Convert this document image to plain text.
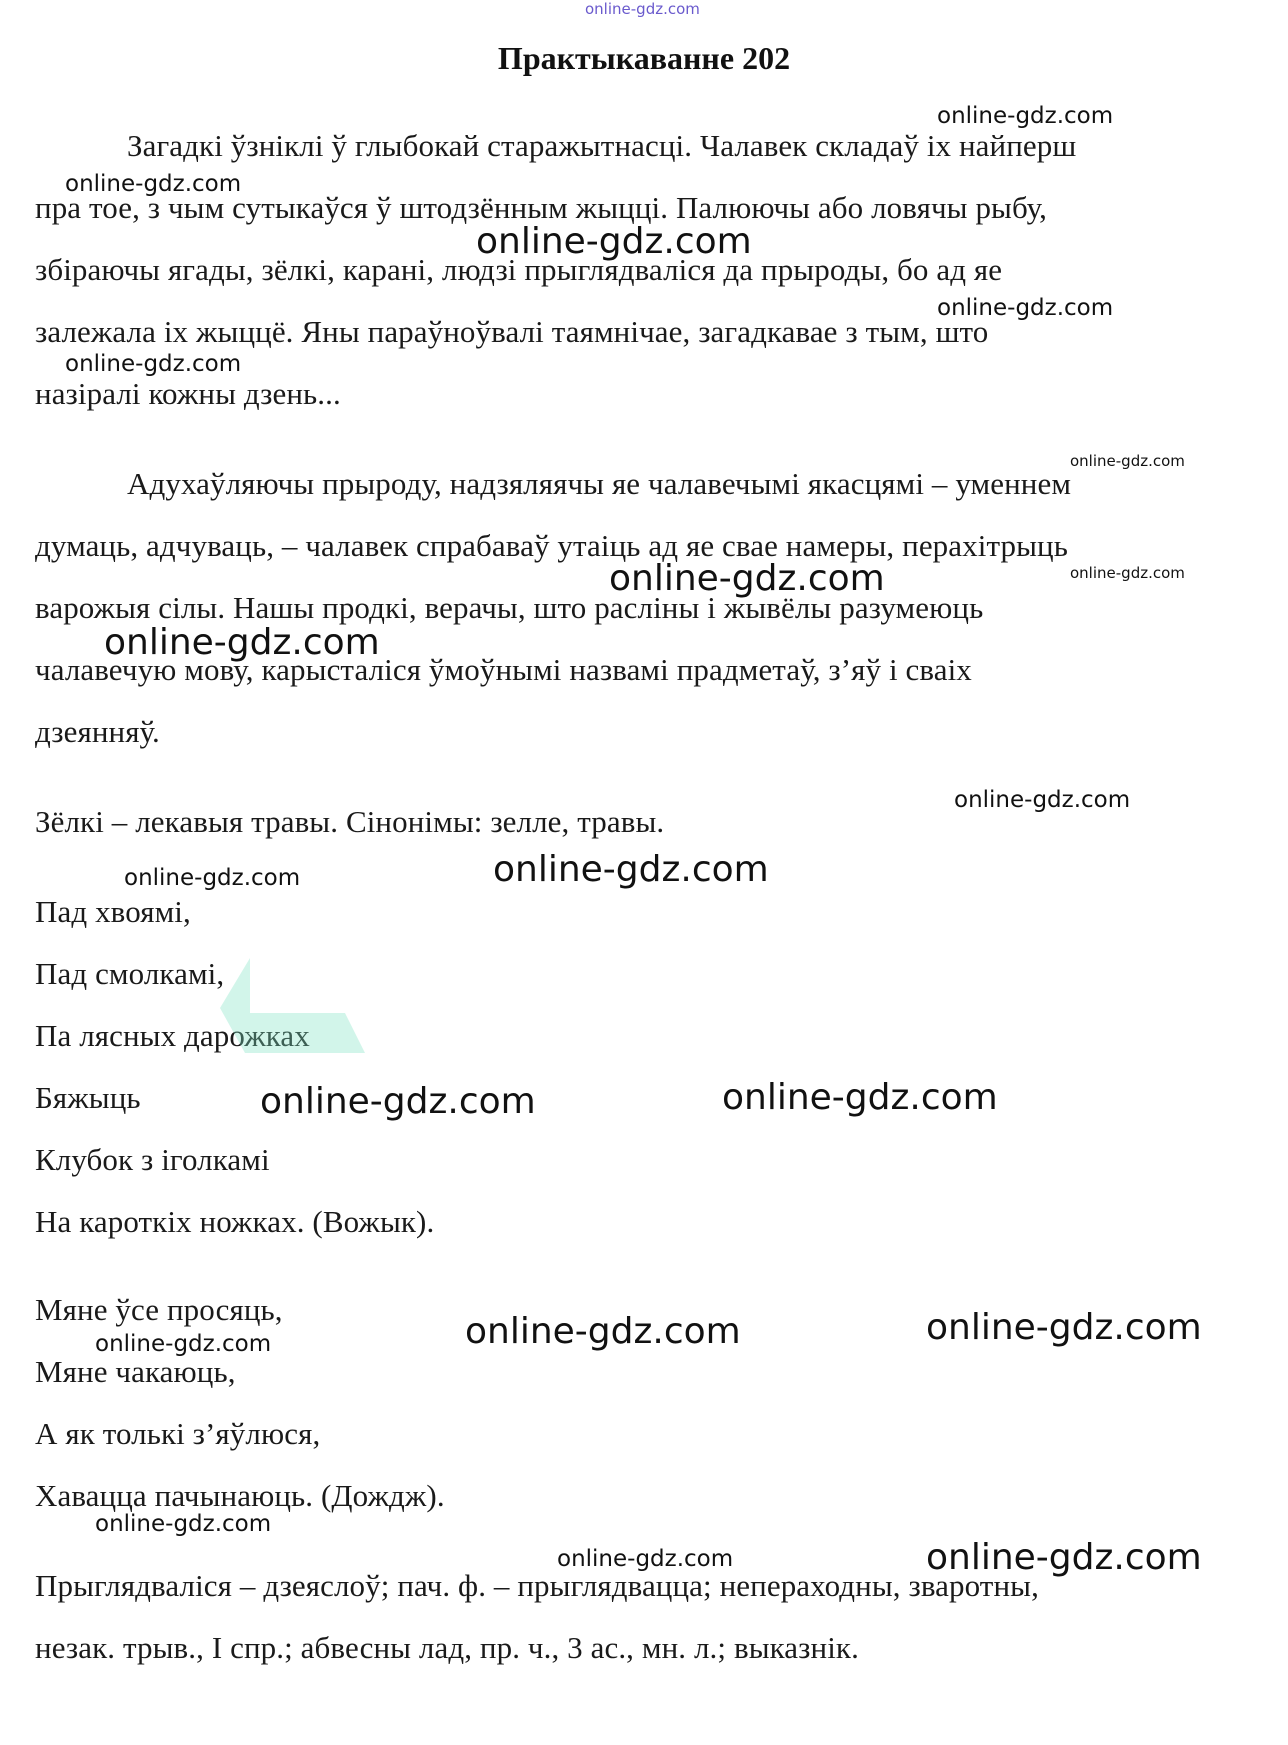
online-gdz.com
Практыкаванне 202
Загадкі ўзніклі ў глыбокай старажытнасці. Чалавек складаў іх найперш
пра тое, з чым сутыкаўся ў штодзённым жыцці. Палюючы або ловячы рыбу,
збіраючы ягады, зёлкі, карані, людзі прыглядваліся да прыроды, бо ад яе
залежала іх жыццё. Яны параўноўвалі таямнічае, загадкавае з тым, што
назіралі кожны дзень...
Адухаўляючы прыроду, надзяляячы яе чалавечымі якасцямі – уменнем
думаць, адчуваць, – чалавек спрабаваў утаіць ад яе свае намеры, перахітрыць
варожыя сілы. Нашы продкі, верачы, што расліны і жывёлы разумеюць
чалавечую мову, карысталіся ўмоўнымі назвамі прадметаў, з’яў і сваіх
дзеянняў.
Зёлкі – лекавыя травы. Сінонімы: зелле, травы.
Пад хвоямі,
Пад смолкамі,
Па лясных дарожках
Бяжыць
Клубок з іголкамі
На кароткіх ножках. (Вожык).
Мяне ўсе просяць,
Мяне чакаюць,
А як толькі з’яўлюся,
Хавацца пачынаюць. (Дождж).
Прыглядваліся – дзеяслоў; пач. ф. – прыглядвацца; непераходны, зваротны,
незак. трыв., I спр.; абвесны лад, пр. ч., 3 ас., мн. л.; выказнік.
online-gdz.com
online-gdz.com
online-gdz.com
online-gdz.com
online-gdz.com
online-gdz.com
online-gdz.com	online-gdz.com
online-gdz.com
online-gdz.com
online-gdz.com
online-gdz.com
online-gdz.com	online-gdz.com
online-gdz.com	online-gdz.com
online-gdz.com
online-gdz.com
online-gdz.com	online-gdz.com
